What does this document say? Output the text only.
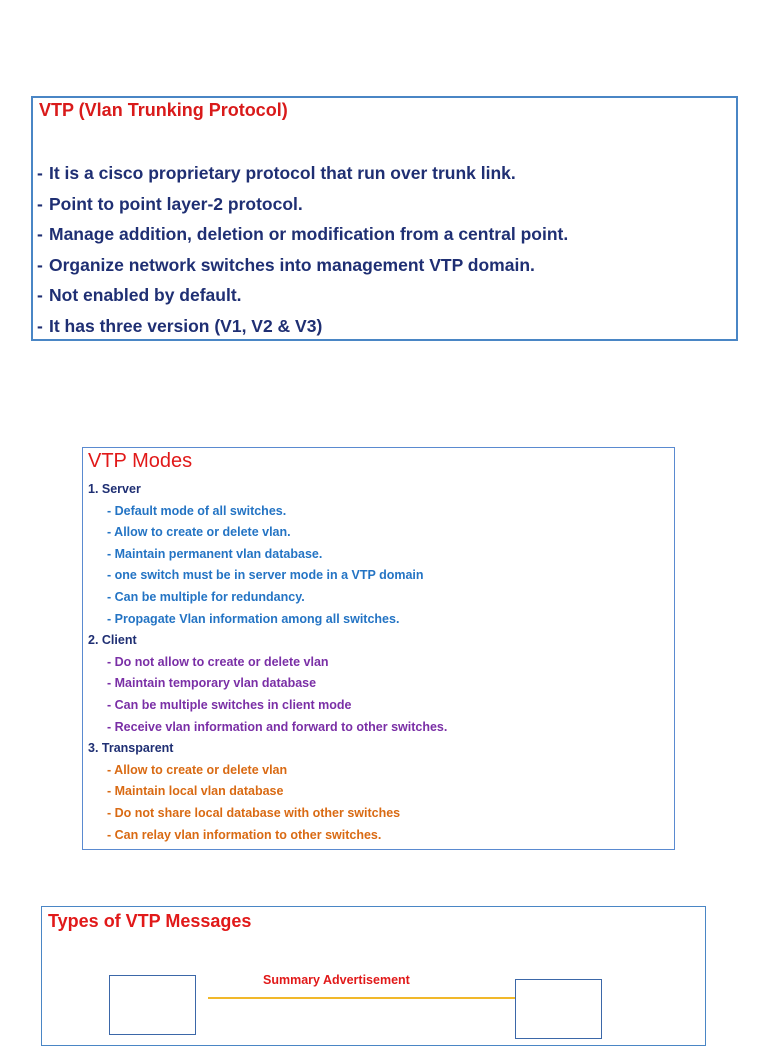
VTP (Vlan Trunking Protocol)
- It is a cisco proprietary protocol that run over trunk link.
- Point to point layer-2 protocol.
- Manage addition, deletion or modification from a central point.
- Organize network switches into management VTP domain.
- Not enabled by default.
- It has three version (V1, V2 & V3)
VTP Modes
1. Server
- Default mode of all switches.
- Allow to create or delete vlan.
- Maintain permanent vlan database.
- one switch must be in server mode in a VTP domain
- Can be multiple for redundancy.
- Propagate Vlan information among all switches.
2. Client
- Do not allow to create or delete vlan
- Maintain temporary vlan database
- Can be multiple switches in client mode
- Receive vlan information and forward to other switches.
3. Transparent
- Allow to create or delete vlan
- Maintain local vlan database
- Do not share local database with other switches
- Can relay vlan information to other switches.
Types of VTP Messages
Summary Advertisement
